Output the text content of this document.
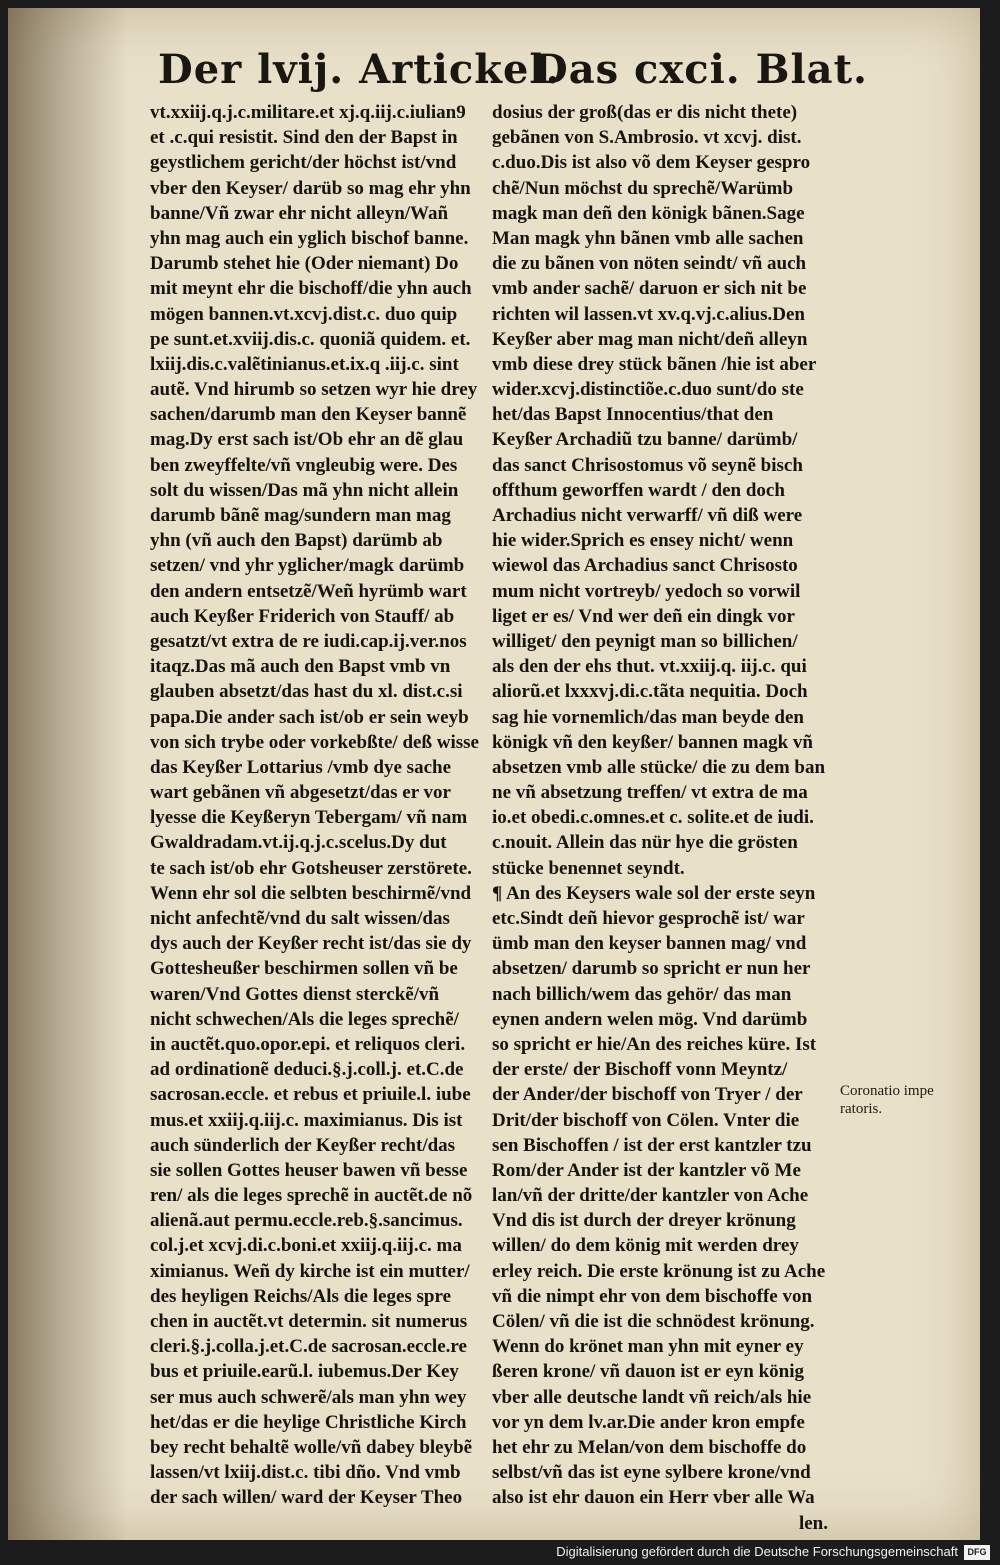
Der lvij. Artickel.
Das cxci. Blat.
vt.xxiij.q.j.c.militare.et xj.q.iij.c.iulian9
et .c.qui resistit. Sind den der Bapst in
geystlichem gericht/der höchst ist/vnd
vber den Keyser/ darüb so mag ehr yhn
banne/Vñ zwar ehr nicht alleyn/Wañ
yhn mag auch ein yglich bischof banne.
Darumb stehet hie (Oder niemant) Do
mit meynt ehr die bischoff/die yhn auch
mögen bannen.vt.xcvj.dist.c. duo quip
pe sunt.et.xviij.dis.c. quoniã quidem. et.
lxiij.dis.c.valẽtinianus.et.ix.q .iij.c. sint
autẽ. Vnd hirumb so setzen wyr hie drey
sachen/darumb man den Keyser bannẽ
mag.Dy erst sach ist/Ob ehr an dẽ glau
ben zweyffelte/vñ vngleubig were. Des
solt du wissen/Das mã yhn nicht allein
darumb bãnẽ mag/sundern man mag
yhn (vñ auch den Bapst) darümb ab
setzen/ vnd yhr yglicher/magk darümb
den andern entsetzẽ/Weñ hyrümb wart
auch Keyßer Friderich von Stauff/ ab
gesatzt/vt extra de re iudi.cap.ij.ver.nos
itaqz.Das mã auch den Bapst vmb vn
glauben absetzt/das hast du xl. dist.c.si
papa.Die ander sach ist/ob er sein weyb
von sich trybe oder vorkebßte/ deß wisse
das Keyßer Lottarius /vmb dye sache
wart gebãnen vñ abgesetzt/das er vor
lyesse die Keyßeryn Tebergam/ vñ nam
Gwaldradam.vt.ij.q.j.c.scelus.Dy dut
te sach ist/ob ehr Gotsheuser zerstörete.
Wenn ehr sol die selbten beschirmẽ/vnd
nicht anfechtẽ/vnd du salt wissen/das
dys auch der Keyßer recht ist/das sie dy
Gottesheußer beschirmen sollen vñ be
waren/Vnd Gottes dienst sterckẽ/vñ
nicht schwechen/Als die leges sprechẽ/
in auctẽt.quo.opor.epi. et reliquos cleri.
ad ordinationẽ deduci.§.j.coll.j. et.C.de
sacrosan.eccle. et rebus et priuile.l. iube
mus.et xxiij.q.iij.c. maximianus. Dis ist
auch sünderlich der Keyßer recht/das
sie sollen Gottes heuser bawen vñ besse
ren/ als die leges sprechẽ in auctẽt.de nõ
alienã.aut permu.eccle.reb.§.sancimus.
col.j.et xcvj.di.c.boni.et xxiij.q.iij.c. ma
ximianus. Weñ dy kirche ist ein mutter/
des heyligen Reichs/Als die leges spre
chen in auctẽt.vt determin. sit numerus
cleri.§.j.colla.j.et.C.de sacrosan.eccle.re
bus et priuile.earũ.l. iubemus.Der Key
ser mus auch schwerẽ/als man yhn wey
het/das er die heylige Christliche Kirch
bey recht behaltẽ wolle/vñ dabey bleybẽ
lassen/vt lxiij.dist.c. tibi dño. Vnd vmb
der sach willen/ ward der Keyser Theo
dosius der groß(das er dis nicht thete)
gebãnen von S.Ambrosio. vt xcvj. dist.
c.duo.Dis ist also võ dem Keyser gespro
chẽ/Nun möchst du sprechẽ/Warümb
magk man deñ den königk bãnen.Sage
Man magk yhn bãnen vmb alle sachen
die zu bãnen von nöten seindt/ vñ auch
vmb ander sachẽ/ daruon er sich nit be
richten wil lassen.vt xv.q.vj.c.alius.Den
Keyßer aber mag man nicht/deñ alleyn
vmb diese drey stück bãnen /hie ist aber
wider.xcvj.distinctiõe.c.duo sunt/do ste
het/das Bapst Innocentius/that den
Keyßer Archadiũ tzu banne/ darümb/
das sanct Chrisostomus võ seynẽ bisch
offthum geworffen wardt / den doch
Archadius nicht verwarff/ vñ diß were
hie wider.Sprich es ensey nicht/ wenn
wiewol das Archadius sanct Chrisosto
mum nicht vortreyb/ yedoch so vorwil
liget er es/ Vnd wer deñ ein dingk vor
williget/ den peynigt man so billichen/
als den der ehs thut. vt.xxiij.q. iij.c. qui
aliorũ.et lxxxvj.di.c.tãta nequitia. Doch
sag hie vornemlich/das man beyde den
königk vñ den keyßer/ bannen magk vñ
absetzen vmb alle stücke/ die zu dem ban
ne vñ absetzung treffen/ vt extra de ma
io.et obedi.c.omnes.et c. solite.et de iudi.
c.nouit. Allein das nür hye die grösten
stücke benennet seyndt.
¶ An des Keysers wale sol der erste seyn
etc.Sindt deñ hievor gesprochẽ ist/ war
ümb man den keyser bannen mag/ vnd
absetzen/ darumb so spricht er nun her
nach billich/wem das gehör/ das man
eynen andern welen mög. Vnd darümb
so spricht er hie/An des reiches küre. Ist
der erste/ der Bischoff vonn Meyntz/
der Ander/der bischoff von Tryer / der
Drit/der bischoff von Cölen. Vnter die
sen Bischoffen / ist der erst kantzler tzu
Rom/der Ander ist der kantzler võ Me
lan/vñ der dritte/der kantzler von Ache
Vnd dis ist durch der dreyer krönung
willen/ do dem könig mit werden drey
erley reich. Die erste krönung ist zu Ache
vñ die nimpt ehr von dem bischoffe von
Cölen/ vñ die ist die schnödest krönung.
Wenn do krönet man yhn mit eyner ey
ßeren krone/ vñ dauon ist er eyn könig
vber alle deutsche landt vñ reich/als hie
vor yn dem lv.ar.Die ander kron empfe
het ehr zu Melan/von dem bischoffe do
selbst/vñ das ist eyne sylbere krone/vnd
also ist ehr dauon ein Herr vber alle Wa
len.
Coronatio impe
ratoris.
Digitalisierung gefördert durch die Deutsche Forschungsgemeinschaft	DFG
